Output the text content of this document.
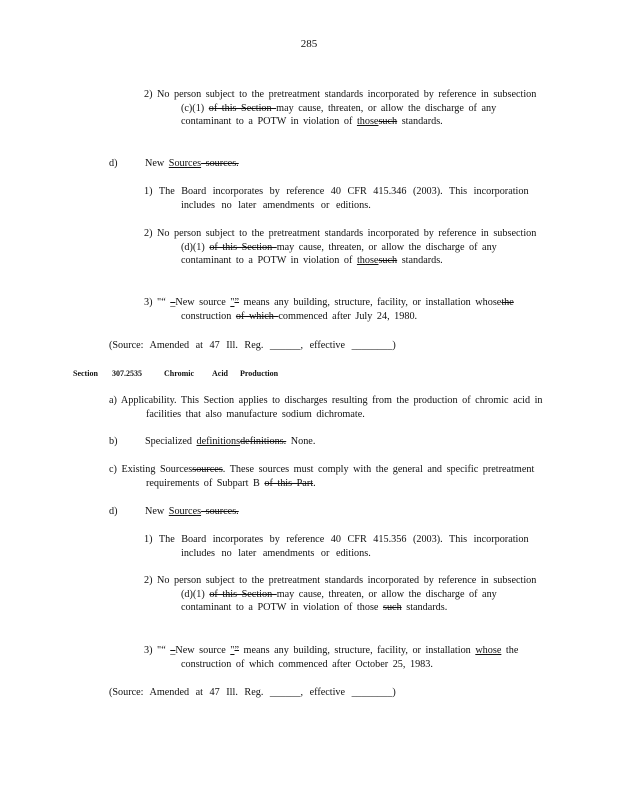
285
2) No person subject to the pretreatment standards incorporated by reference in subsection (c)(1) of this Section may cause, threaten, or allow the discharge of any contaminant to a POTW in violation of thosesuch standards.
d)	New Sources sources.
1) The Board incorporates by reference 40 CFR 415.346 (2003). This incorporation includes no later amendments or editions.
2) No person subject to the pretreatment standards incorporated by reference in subsection (d)(1) of this Section may cause, threaten, or allow the discharge of any contaminant to a POTW in violation of thosesuch standards.
3) "“ _New source "” means any building, structure, facility, or installation whosethe construction of which commenced after July 24, 1980.
(Source: Amended at 47 Ill. Reg. ______, effective ________)
Section 307.2535	Chromic Acid Production
a) Applicability. This Section applies to discharges resulting from the production of chromic acid in facilities that also manufacture sodium dichromate.
b)	Specialized definitionsdefinitions. None.
c) Existing Sourcessources. These sources must comply with the general and specific pretreatment requirements of Subpart B of this Part.
d)	New Sources sources.
1) The Board incorporates by reference 40 CFR 415.356 (2003). This incorporation includes no later amendments or editions.
2) No person subject to the pretreatment standards incorporated by reference in subsection (d)(1) of this Section may cause, threaten, or allow the discharge of any contaminant to a POTW in violation of those such standards.
3) "“ _New source "” means any building, structure, facility, or installation whose the construction of which commenced after October 25, 1983.
(Source: Amended at 47 Ill. Reg. ______, effective ________)
